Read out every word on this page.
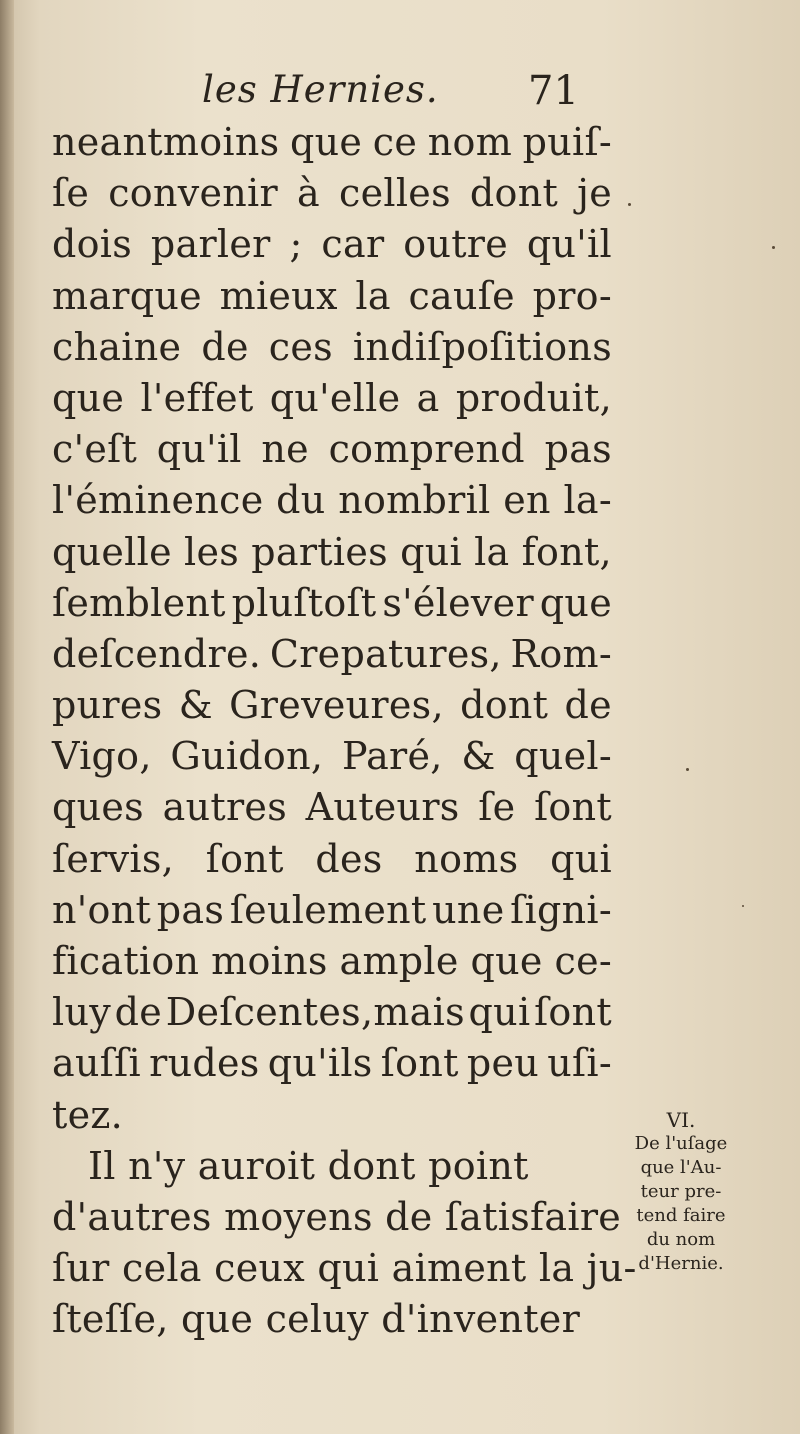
les Hernies. 71
neantmoins que ce nom puiſ-
ſe convenir à celles dont je
dois parler ; car outre qu'il
marque mieux la cauſe pro-
chaine de ces indiſpoſitions
que l'effet qu'elle a produit,
c'eſt qu'il ne comprend pas
l'éminence du nombril en la-
quelle les parties qui la font,
ſemblent pluſtoſt s'élever que
deſcendre. Crepatures, Rom-
pures & Greveures, dont de
Vigo, Guidon, Paré, & quel-
ques autres Auteurs ſe ſont
ſervis, ſont des noms qui
n'ont pas ſeulement une ſigni-
fication moins ample que ce-
luy de Deſcentes,mais qui ſont
auſſi rudes qu'ils ſont peu uſi-
tez.
Il n'y auroit dont point
d'autres moyens de ſatisfaire
ſur cela ceux qui aiment la ju-
ſteſſe, que celuy d'inventer
VI.
De l'uſage
que l'Au-
teur pre-
tend faire
du nom
d'Hernie.
